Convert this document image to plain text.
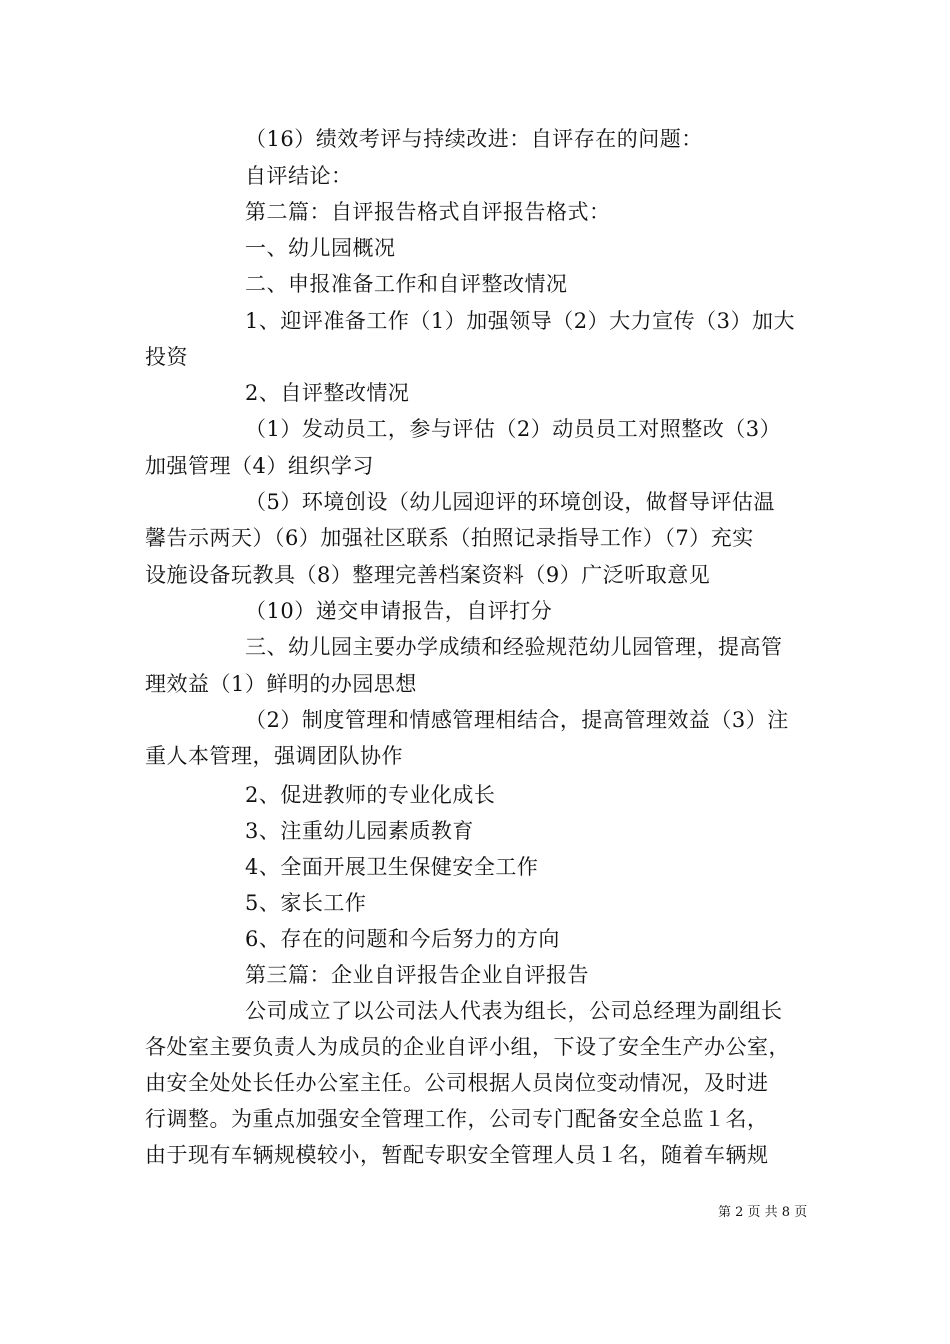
（16）绩效考评与持续改进：自评存在的问题：
自评结论：
第二篇：自评报告格式自评报告格式：
一、幼儿园概况
二、申报准备工作和自评整改情况
1、迎评准备工作（1）加强领导（2）大力宣传（3）加大
投资
2、自评整改情况
（1）发动员工，参与评估（2）动员员工对照整改（3）
加强管理（4）组织学习
（5）环境创设（幼儿园迎评的环境创设，做督导评估温
馨告示两天）（6）加强社区联系（拍照记录指导工作）（7）充实
设施设备玩教具（8）整理完善档案资料（9）广泛听取意见
（10）递交申请报告，自评打分
三、幼儿园主要办学成绩和经验规范幼儿园管理，提高管
理效益（1）鲜明的办园思想
（2）制度管理和情感管理相结合，提高管理效益（3）注
重人本管理，强调团队协作
2、促进教师的专业化成长
3、注重幼儿园素质教育
4、全面开展卫生保健安全工作
5、家长工作
6、存在的问题和今后努力的方向
第三篇：企业自评报告企业自评报告
公司成立了以公司法人代表为组长，公司总经理为副组长
各处室主要负责人为成员的企业自评小组，下设了安全生产办公室，
由安全处处长任办公室主任。公司根据人员岗位变动情况，及时进
行调整。为重点加强安全管理工作，公司专门配备安全总监１名，
由于现有车辆规模较小，暂配专职安全管理人员１名，随着车辆规
第 2 页 共 8 页
